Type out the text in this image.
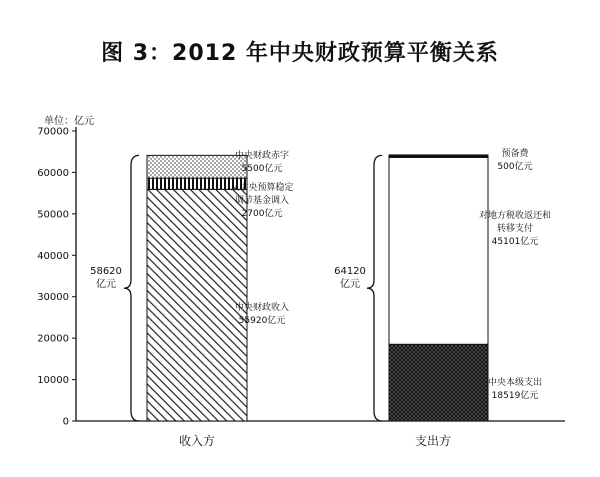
图 3：2012 年中央财政预算平衡关系
单位：亿元
0
10000
20000
30000
40000
50000
60000
70000
收入方
58620
亿元
中央财政收入
55920亿元
从中央预算稳定
调节基金调入
2700亿元
中央财政赤字
5500亿元
支出方
64120
亿元
中央本级支出
18519亿元
对地方税收返还和
转移支付
45101亿元
预备费
500亿元
